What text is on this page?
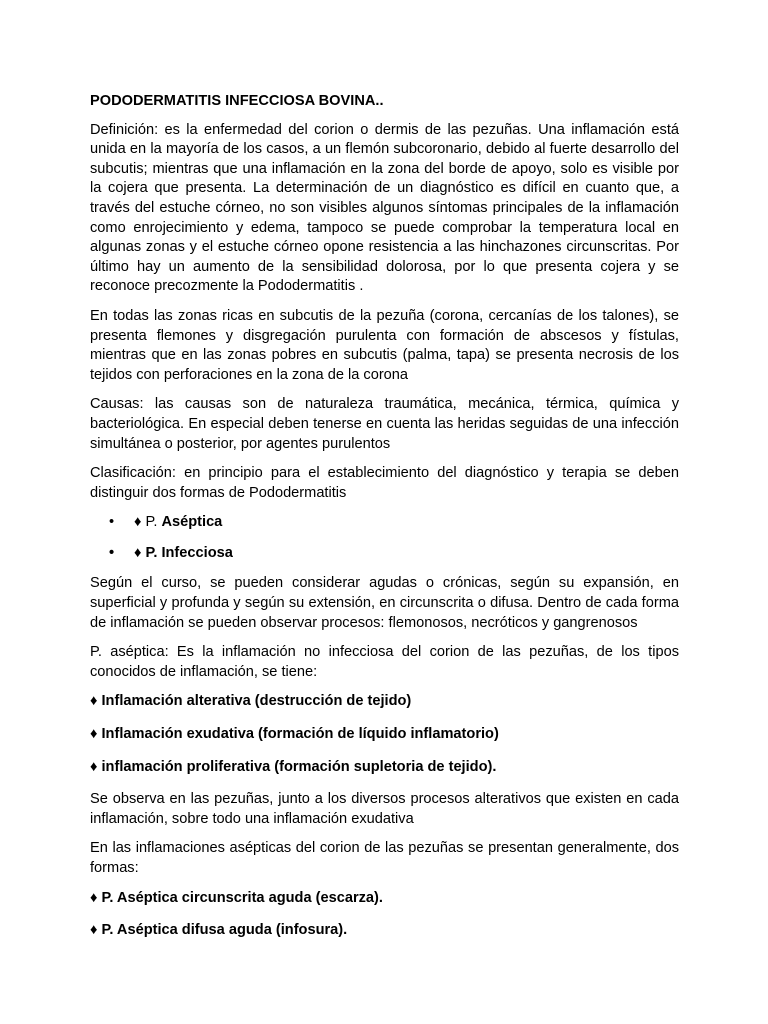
PODODERMATITIS INFECCIOSA BOVINA..

Definición: es la enfermedad del corion o dermis de las pezuñas. Una inflamación está unida en la mayoría de los casos, a un flemón subcoronario, debido al fuerte desarrollo del subcutis; mientras que una inflamación en la zona del borde de apoyo, solo es visible por la cojera que presenta. La determinación de un diagnóstico es difícil en cuanto que, a través del estuche córneo, no son visibles algunos síntomas principales de la inflamación como enrojecimiento y edema, tampoco se puede comprobar la temperatura local en algunas zonas y el estuche córneo opone resistencia a las hinchazones circunscritas. Por último hay un aumento de la sensibilidad dolorosa, por lo que presenta cojera y se reconoce precozmente la Pododermatitis .

En todas las zonas ricas en subcutis de la pezuña (corona, cercanías de los talones), se presenta flemones y disgregación purulenta con formación de abscesos y fístulas, mientras que en las zonas pobres en subcutis (palma, tapa) se presenta necrosis de los tejidos con perforaciones en la zona de la corona

Causas: las causas son de naturaleza traumática, mecánica, térmica, química y bacteriológica. En especial deben tenerse en cuenta las heridas seguidas de una infección simultánea o posterior, por agentes purulentos

Clasificación: en principio para el establecimiento del diagnóstico y terapia se deben distinguir dos formas de Pododermatitis

• ♦ P. Aséptica
• ♦ P. Infecciosa

Según el curso, se pueden considerar agudas o crónicas, según su expansión, en superficial y profunda y según su extensión, en circunscrita o difusa. Dentro de cada forma de inflamación se pueden observar procesos: flemonosos, necróticos y gangrenosos

P. aséptica: Es la inflamación no infecciosa del corion de las pezuñas, de los tipos conocidos de inflamación, se tiene:

♦ Inflamación alterativa (destrucción de tejido)
♦ Inflamación exudativa (formación de líquido inflamatorio)
♦ inflamación proliferativa (formación supletoria de tejido).

Se observa en las pezuñas, junto a los diversos procesos alterativos que existen en cada inflamación, sobre todo una inflamación exudativa

En las inflamaciones asépticas del corion de las pezuñas se presentan generalmente, dos formas:

♦ P. Aséptica circunscrita aguda (escarza).
♦ P. Aséptica difusa aguda (infosura).
